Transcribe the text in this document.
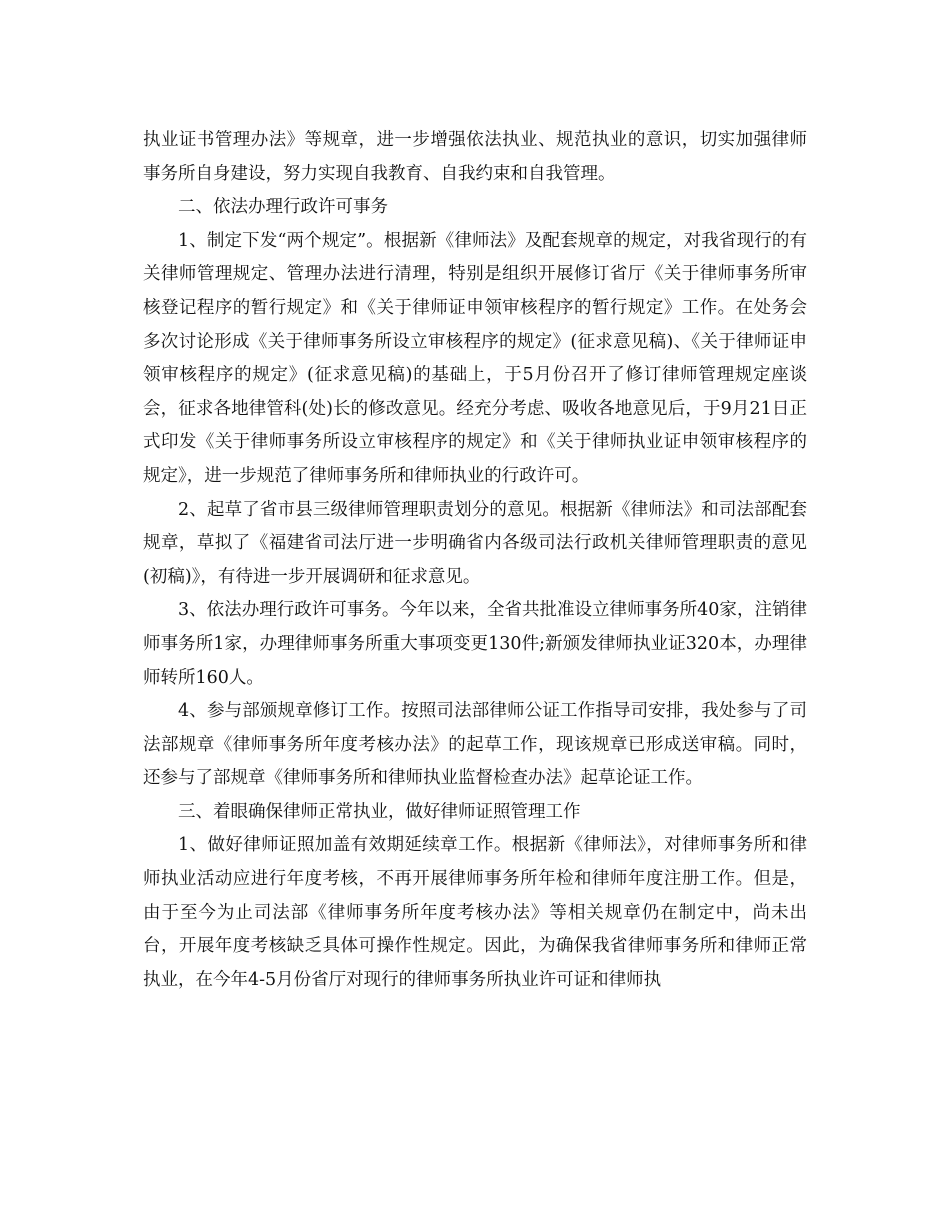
执业证书管理办法》等规章，进一步增强依法执业、规范执业的意识，切实加强律师事务所自身建设，努力实现自我教育、自我约束和自我管理。

二、依法办理行政许可事务

1、制定下发“两个规定”。根据新《律师法》及配套规章的规定，对我省现行的有关律师管理规定、管理办法进行清理，特别是组织开展修订省厅《关于律师事务所审核登记程序的暂行规定》和《关于律师证申领审核程序的暂行规定》工作。在处务会多次讨论形成《关于律师事务所设立审核程序的规定》(征求意见稿)、《关于律师证申领审核程序的规定》(征求意见稿)的基础上，于5月份召开了修订律师管理规定座谈会，征求各地律管科(处)长的修改意见。经充分考虑、吸收各地意见后，于9月21日正式印发《关于律师事务所设立审核程序的规定》和《关于律师执业证申领审核程序的规定》，进一步规范了律师事务所和律师执业的行政许可。

2、起草了省市县三级律师管理职责划分的意见。根据新《律师法》和司法部配套规章，草拟了《福建省司法厅进一步明确省内各级司法行政机关律师管理职责的意见(初稿)》，有待进一步开展调研和征求意见。

3、依法办理行政许可事务。今年以来，全省共批准设立律师事务所40家，注销律师事务所1家，办理律师事务所重大事项变更130件;新颁发律师执业证320本，办理律师转所160人。

4、参与部颁规章修订工作。按照司法部律师公证工作指导司安排，我处参与了司法部规章《律师事务所年度考核办法》的起草工作，现该规章已形成送审稿。同时，还参与了部规章《律师事务所和律师执业监督检查办法》起草论证工作。

三、着眼确保律师正常执业，做好律师证照管理工作

1、做好律师证照加盖有效期延续章工作。根据新《律师法》，对律师事务所和律师执业活动应进行年度考核，不再开展律师事务所年检和律师年度注册工作。但是，由于至今为止司法部《律师事务所年度考核办法》等相关规章仍在制定中，尚未出台，开展年度考核缺乏具体可操作性规定。因此，为确保我省律师事务所和律师正常执业，在今年4-5月份省厅对现行的律师事务所执业许可证和律师执
